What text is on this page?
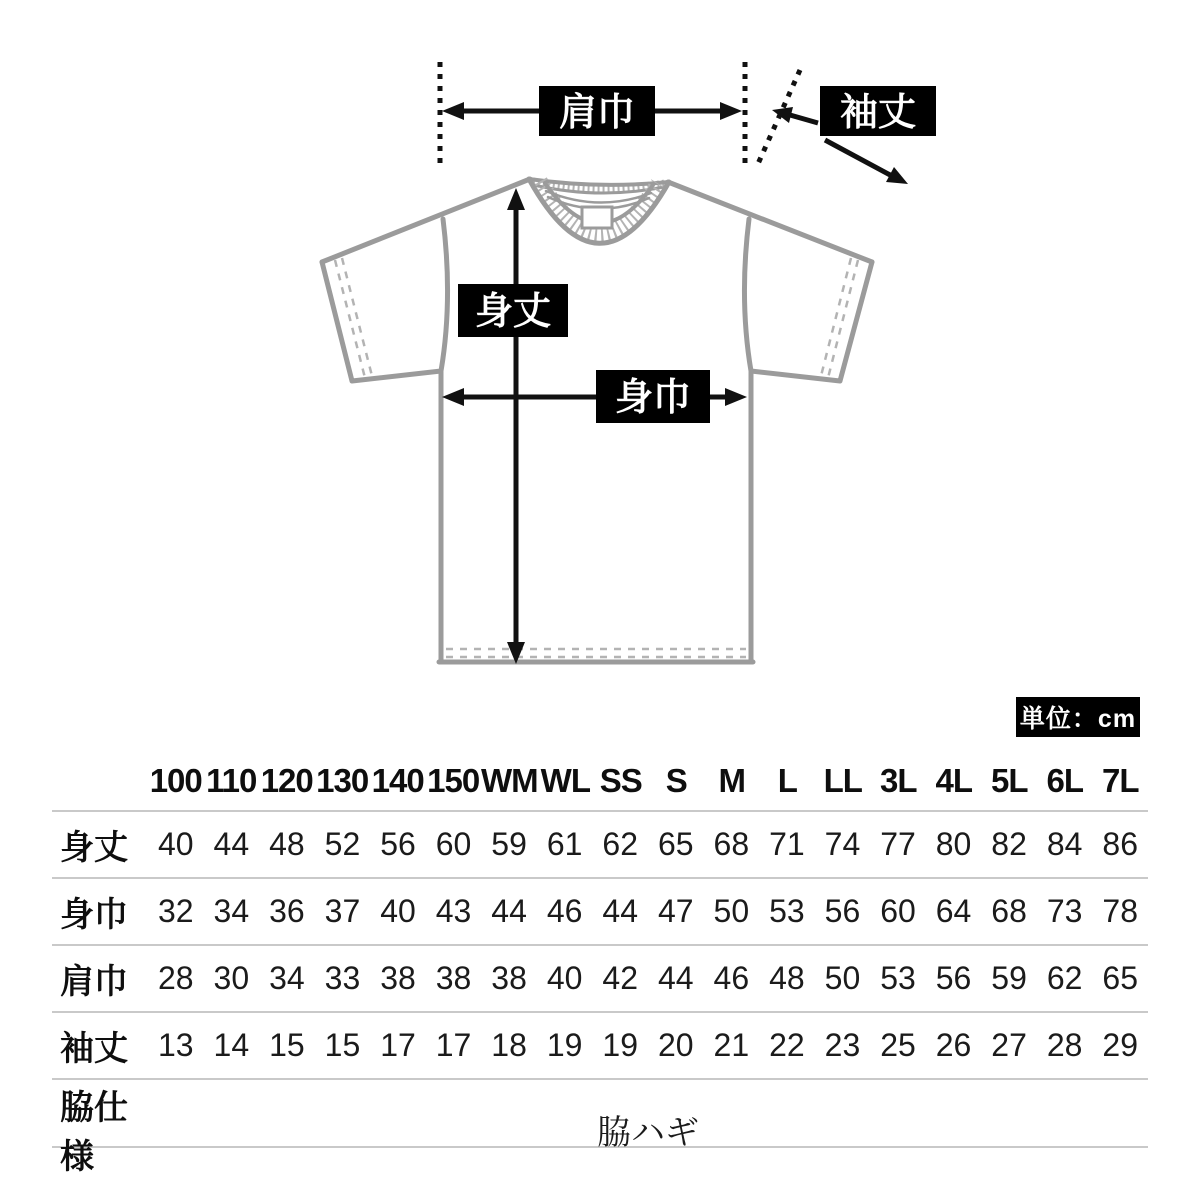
肩巾	袖丈
身丈
身巾
単位：cm
100 110 120 130 140 150 WM WL SS S M L LL 3L 4L 5L 6L 7L
身丈 40 44 48 52 56 60 59 61 62 65 68 71 74 77 80 82 84 86
身巾 32 34 36 37 40 43 44 46 44 47 50 53 56 60 64 68 73 78
肩巾 28 30 34 33 38 38 38 40 42 44 46 48 50 53 56 59 62 65
袖丈 13 14 15 15 17 17 18 19 19 20 21 22 23 25 26 27 28 29
脇仕様
脇ハギ
